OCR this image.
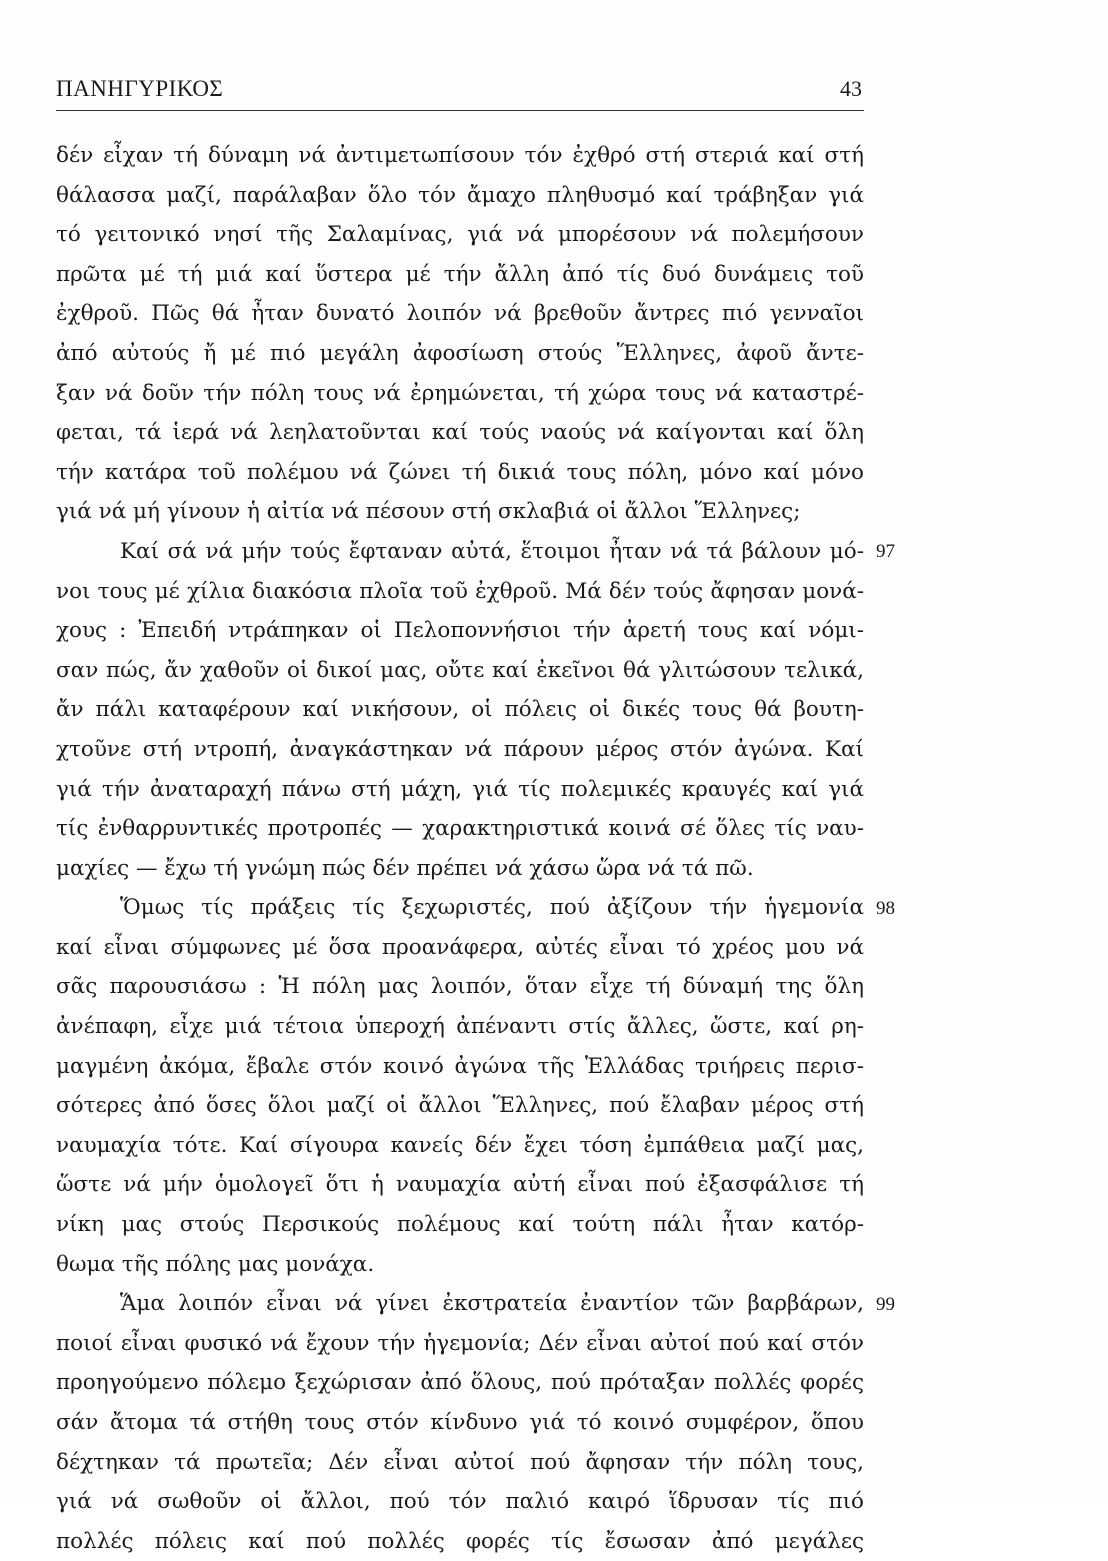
ΠΑΝΗΓΥΡΙΚΟΣ	43
δέν εἶχαν τή δύναμη νά ἀντιμετωπίσουν τόν ἐχθρό στή στεριά καί στή
θάλασσα μαζί, παράλαβαν ὅλο τόν ἄμαχο πληθυσμό καί τράβηξαν γιά
τό γειτονικό νησί τῆς Σαλαμίνας, γιά νά μπορέσουν νά πολεμήσουν
πρῶτα μέ τή μιά καί ὕστερα μέ τήν ἄλλη ἀπό τίς δυό δυνάμεις τοῦ
ἐχθροῦ. Πῶς θά ἦταν δυνατό λοιπόν νά βρεθοῦν ἄντρες πιό γενναῖοι
ἀπό αὐτούς ἤ μέ πιό μεγάλη ἀφοσίωση στούς Ἕλληνες, ἀφοῦ ἄντε-
ξαν νά δοῦν τήν πόλη τους νά ἐρημώνεται, τή χώρα τους νά καταστρέ-
φεται, τά ἱερά νά λεηλατοῦνται καί τούς ναούς νά καίγονται καί ὅλη
τήν κατάρα τοῦ πολέμου νά ζώνει τή δικιά τους πόλη, μόνο καί μόνο
γιά νά μή γίνουν ἡ αἰτία νά πέσουν στή σκλαβιά οἱ ἄλλοι Ἕλληνες;
Καί σά νά μήν τούς ἔφταναν αὐτά, ἕτοιμοι ἦταν νά τά βάλουν μό-
νοι τους μέ χίλια διακόσια πλοῖα τοῦ ἐχθροῦ. Μά δέν τούς ἄφησαν μονά-
χους : Ἐπειδή ντράπηκαν οἱ Πελοποννήσιοι τήν ἀρετή τους καί νόμι-
σαν πώς, ἄν χαθοῦν οἱ δικοί μας, οὔτε καί ἐκεῖνοι θά γλιτώσουν τελικά,
ἄν πάλι καταφέρουν καί νικήσουν, οἱ πόλεις οἱ δικές τους θά βουτη-
χτοῦνε στή ντροπή, ἀναγκάστηκαν νά πάρουν μέρος στόν ἀγώνα. Καί
γιά τήν ἀναταραχή πάνω στή μάχη, γιά τίς πολεμικές κραυγές καί γιά
τίς ἐνθαρρυντικές προτροπές — χαρακτηριστικά κοινά σέ ὅλες τίς ναυ-
μαχίες — ἔχω τή γνώμη πώς δέν πρέπει νά χάσω ὥρα νά τά πῶ.
Ὅμως τίς πράξεις τίς ξεχωριστές, πού ἀξίζουν τήν ἡγεμονία
καί εἶναι σύμφωνες μέ ὅσα προανάφερα, αὐτές εἶναι τό χρέος μου νά
σᾶς παρουσιάσω : Ἡ πόλη μας λοιπόν, ὅταν εἶχε τή δύναμή της ὅλη
ἀνέπαφη, εἶχε μιά τέτοια ὑπεροχή ἀπέναντι στίς ἄλλες, ὥστε, καί ρη-
μαγμένη ἀκόμα, ἔβαλε στόν κοινό ἀγώνα τῆς Ἑλλάδας τριήρεις περισ-
σότερες ἀπό ὅσες ὅλοι μαζί οἱ ἄλλοι Ἕλληνες, πού ἔλαβαν μέρος στή
ναυμαχία τότε. Καί σίγουρα κανείς δέν ἔχει τόση ἐμπάθεια μαζί μας,
ὥστε νά μήν ὁμολογεῖ ὅτι ἡ ναυμαχία αὐτή εἶναι πού ἐξασφάλισε τή
νίκη μας στούς Περσικούς πολέμους καί τούτη πάλι ἦταν κατόρ-
θωμα τῆς πόλης μας μονάχα.
Ἅμα λοιπόν εἶναι νά γίνει ἐκστρατεία ἐναντίον τῶν βαρβάρων,
ποιοί εἶναι φυσικό νά ἔχουν τήν ἡγεμονία; Δέν εἶναι αὐτοί πού καί στόν
προηγούμενο πόλεμο ξεχώρισαν ἀπό ὅλους, πού πρόταξαν πολλές φορές
σάν ἄτομα τά στήθη τους στόν κίνδυνο γιά τό κοινό συμφέρον, ὅπου
δέχτηκαν τά πρωτεῖα; Δέν εἶναι αὐτοί πού ἄφησαν τήν πόλη τους,
γιά νά σωθοῦν οἱ ἄλλοι, πού τόν παλιό καιρό ἵδρυσαν τίς πιό
πολλές πόλεις καί πού πολλές φορές τίς ἔσωσαν ἀπό μεγάλες
97
98
99
